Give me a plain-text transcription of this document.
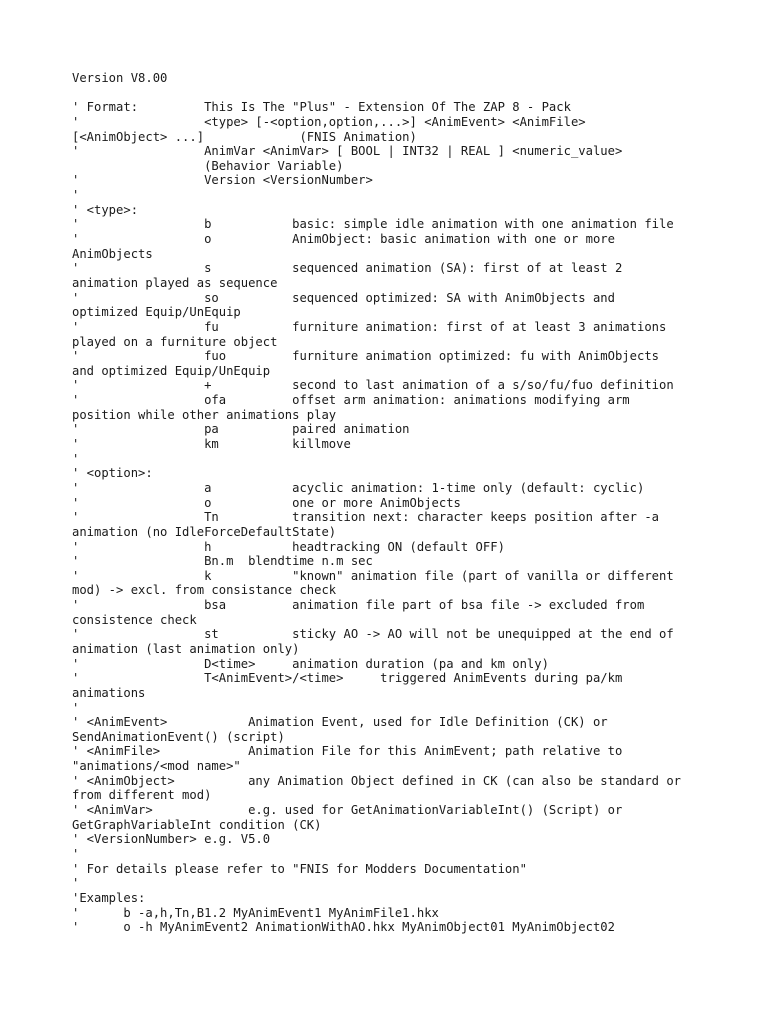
Version V8.00
' Format:         This Is The "Plus" - Extension Of The ZAP 8 - Pack
'                 <type> [-<option,option,...>] <AnimEvent> <AnimFile>
[<AnimObject> ...]             (FNIS Animation)
'                 AnimVar <AnimVar> [ BOOL | INT32 | REAL ] <numeric_value>
(Behavior Variable)
'                 Version <VersionNumber>
'
' <type>:
'                 b           basic: simple idle animation with one animation file
'                 o           AnimObject: basic animation with one or more
AnimObjects
'                 s           sequenced animation (SA): first of at least 2
animation played as sequence
'                 so          sequenced optimized: SA with AnimObjects and
optimized Equip/UnEquip
'                 fu          furniture animation: first of at least 3 animations
played on a furniture object
'                 fuo         furniture animation optimized: fu with AnimObjects
and optimized Equip/UnEquip
'                 +           second to last animation of a s/so/fu/fuo definition
'                 ofa         offset arm animation: animations modifying arm
position while other animations play
'                 pa          paired animation
'                 km          killmove
'
' <option>:
'                 a           acyclic animation: 1-time only (default: cyclic)
'                 o           one or more AnimObjects
'                 Tn          transition next: character keeps position after -a
animation (no IdleForceDefaultState)
'                 h           headtracking ON (default OFF)
'                 Bn.m  blendtime n.m sec
'                 k           "known" animation file (part of vanilla or different
mod) -> excl. from consistance check
'                 bsa         animation file part of bsa file -> excluded from
consistence check
'                 st          sticky AO -> AO will not be unequipped at the end of
animation (last animation only)
'                 D<time>     animation duration (pa and km only)
'                 T<AnimEvent>/<time>     triggered AnimEvents during pa/km
animations
'
' <AnimEvent>           Animation Event, used for Idle Definition (CK) or
SendAnimationEvent() (script)
' <AnimFile>            Animation File for this AnimEvent; path relative to
"animations/<mod name>"
' <AnimObject>          any Animation Object defined in CK (can also be standard or
from different mod)
' <AnimVar>             e.g. used for GetAnimationVariableInt() (Script) or
GetGraphVariableInt condition (CK)
' <VersionNumber> e.g. V5.0
'
' For details please refer to "FNIS for Modders Documentation"
'
'Examples:
'      b -a,h,Tn,B1.2 MyAnimEvent1 MyAnimFile1.hkx
'      o -h MyAnimEvent2 AnimationWithAO.hkx MyAnimObject01 MyAnimObject02
